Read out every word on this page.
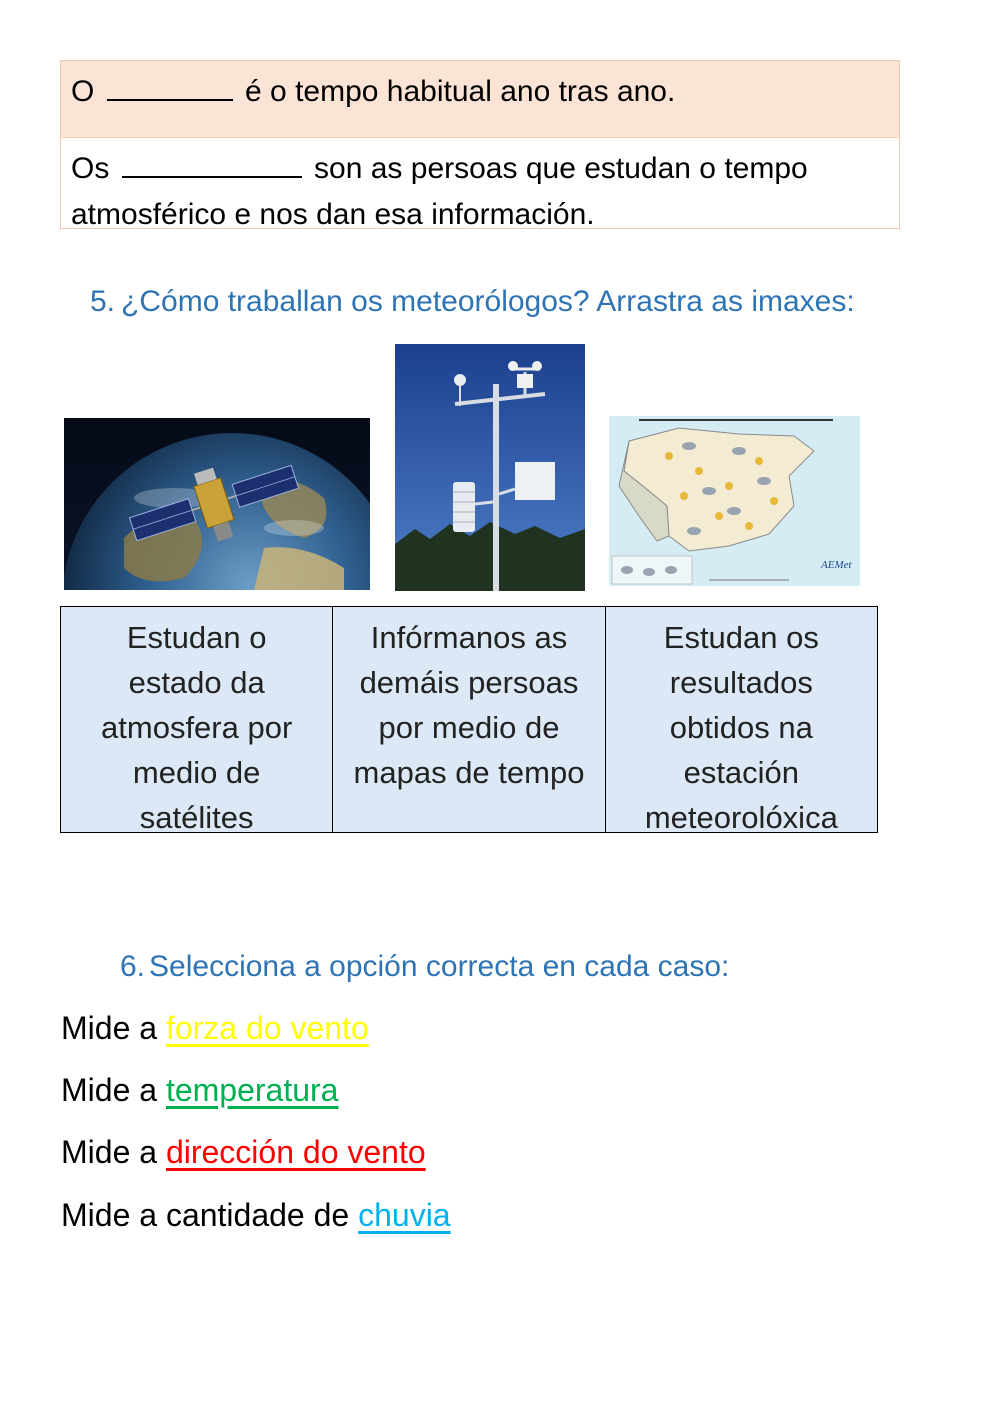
O	é o tempo habitual ano tras ano.
Os	son as persoas que estudan o tempo
atmosférico e nos dan esa información.
5. ¿Cómo traballan os meteorólogos? Arrastra as imaxes:
AEMet
Estudan o
estado da
atmosfera por
medio de
satélites
Infórmanos as
demáis persoas
por medio de
mapas de tempo
Estudan os
resultados
obtidos na
estación
meteorolóxica
6. Selecciona a opción correcta en cada caso:
Mide a forza do vento
Mide a temperatura
Mide a dirección do vento
Mide a cantidade de chuvia
